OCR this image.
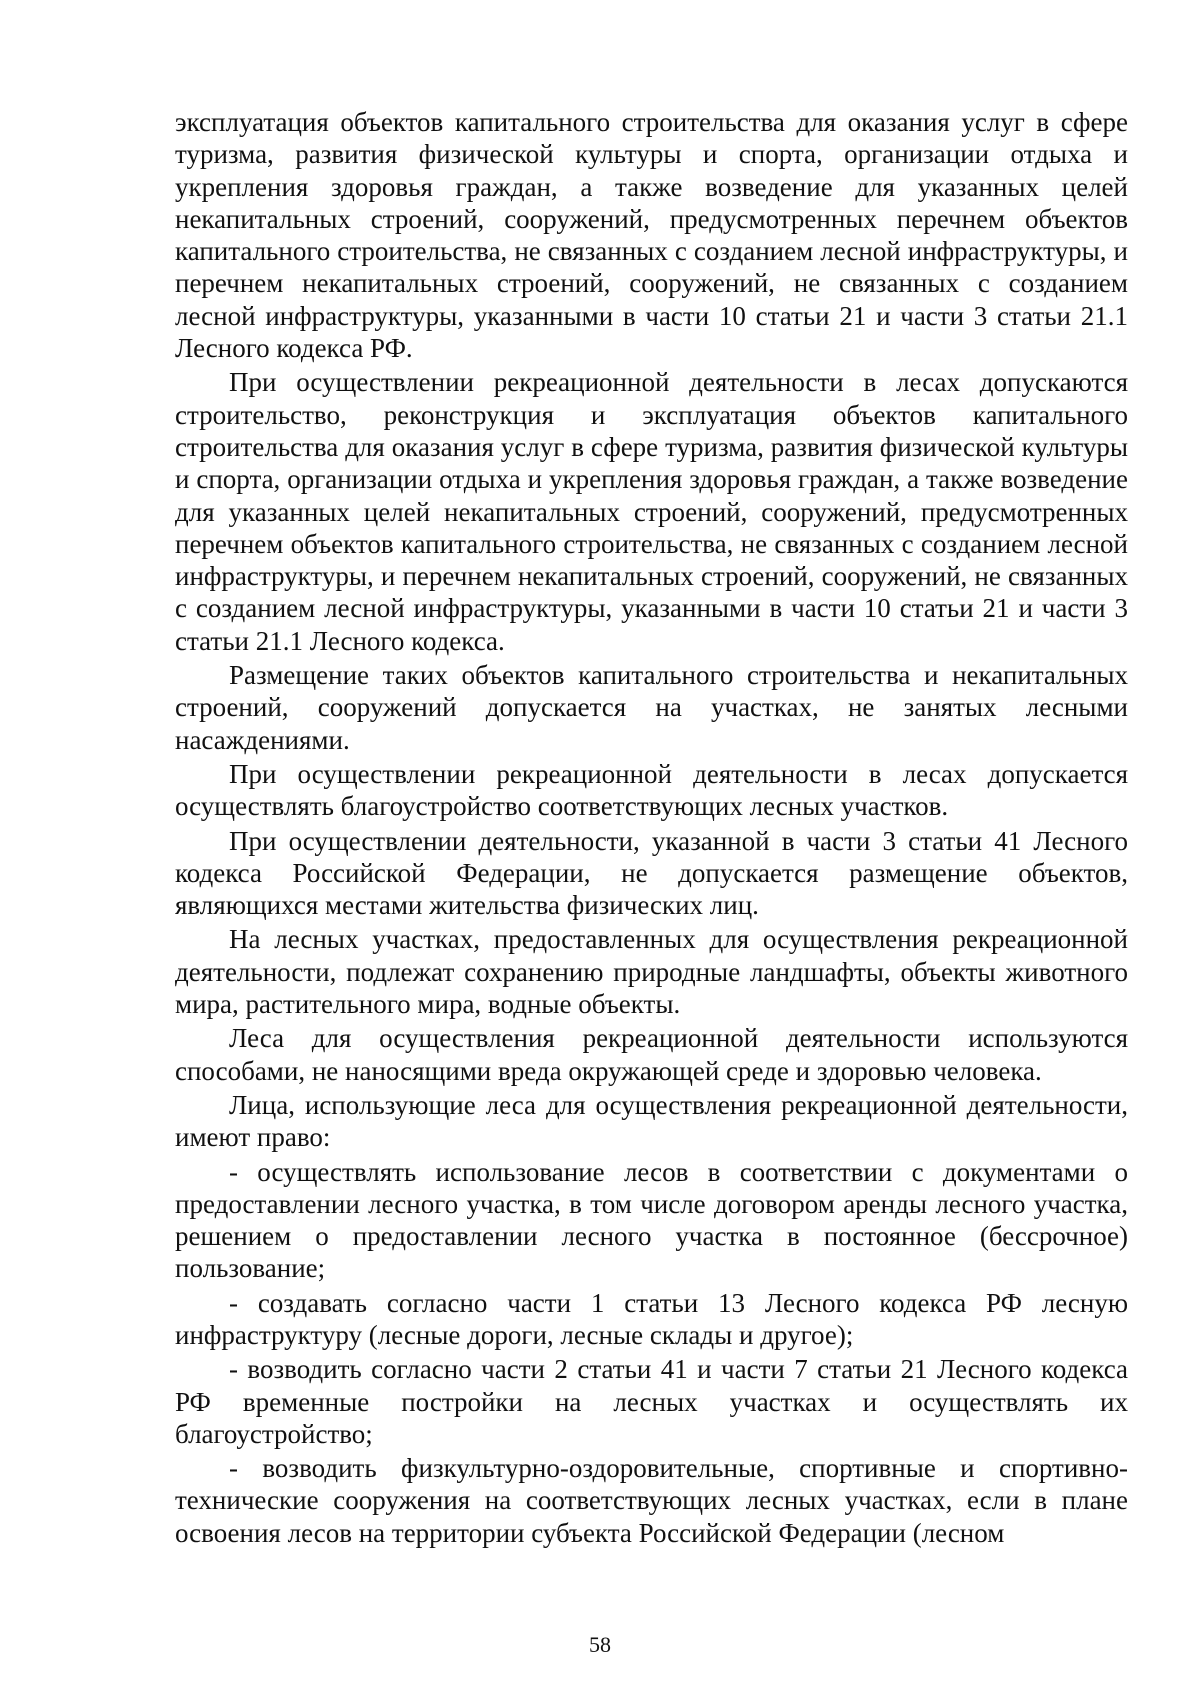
эксплуатация объектов капитального строительства для оказания услуг в сфере туризма, развития физической культуры и спорта, организации отдыха и укрепления здоровья граждан, а также возведение для указанных целей некапитальных строений, сооружений, предусмотренных перечнем объектов капитального строительства, не связанных с созданием лесной инфраструктуры, и перечнем некапитальных строений, сооружений, не связанных с созданием лесной инфраструктуры, указанными в части 10 статьи 21 и части 3 статьи 21.1 Лесного кодекса РФ.

При осуществлении рекреационной деятельности в лесах допускаются строительство, реконструкция и эксплуатация объектов капитального строительства для оказания услуг в сфере туризма, развития физической культуры и спорта, организации отдыха и укрепления здоровья граждан, а также возведение для указанных целей некапитальных строений, сооружений, предусмотренных перечнем объектов капитального строительства, не связанных с созданием лесной инфраструктуры, и перечнем некапитальных строений, сооружений, не связанных с созданием лесной инфраструктуры, указанными в части 10 статьи 21 и части 3 статьи 21.1 Лесного кодекса.

Размещение таких объектов капитального строительства и некапитальных строений, сооружений допускается на участках, не занятых лесными насаждениями.

При осуществлении рекреационной деятельности в лесах допускается осуществлять благоустройство соответствующих лесных участков.

При осуществлении деятельности, указанной в части 3 статьи 41 Лесного кодекса Российской Федерации, не допускается размещение объектов, являющихся местами жительства физических лиц.

На лесных участках, предоставленных для осуществления рекреационной деятельности, подлежат сохранению природные ландшафты, объекты животного мира, растительного мира, водные объекты.

Леса для осуществления рекреационной деятельности используются способами, не наносящими вреда окружающей среде и здоровью человека.

Лица, использующие леса для осуществления рекреационной деятельности, имеют право:

- осуществлять использование лесов в соответствии с документами о предоставлении лесного участка, в том числе договором аренды лесного участка, решением о предоставлении лесного участка в постоянное (бессрочное) пользование;

- создавать согласно части 1 статьи 13 Лесного кодекса РФ лесную инфраструктуру (лесные дороги, лесные склады и другое);

- возводить согласно части 2 статьи 41 и части 7 статьи 21 Лесного кодекса РФ временные постройки на лесных участках и осуществлять их благоустройство;

- возводить физкультурно-оздоровительные, спортивные и спортивно-технические сооружения на соответствующих лесных участках, если в плане освоения лесов на территории субъекта Российской Федерации (лесном

58
